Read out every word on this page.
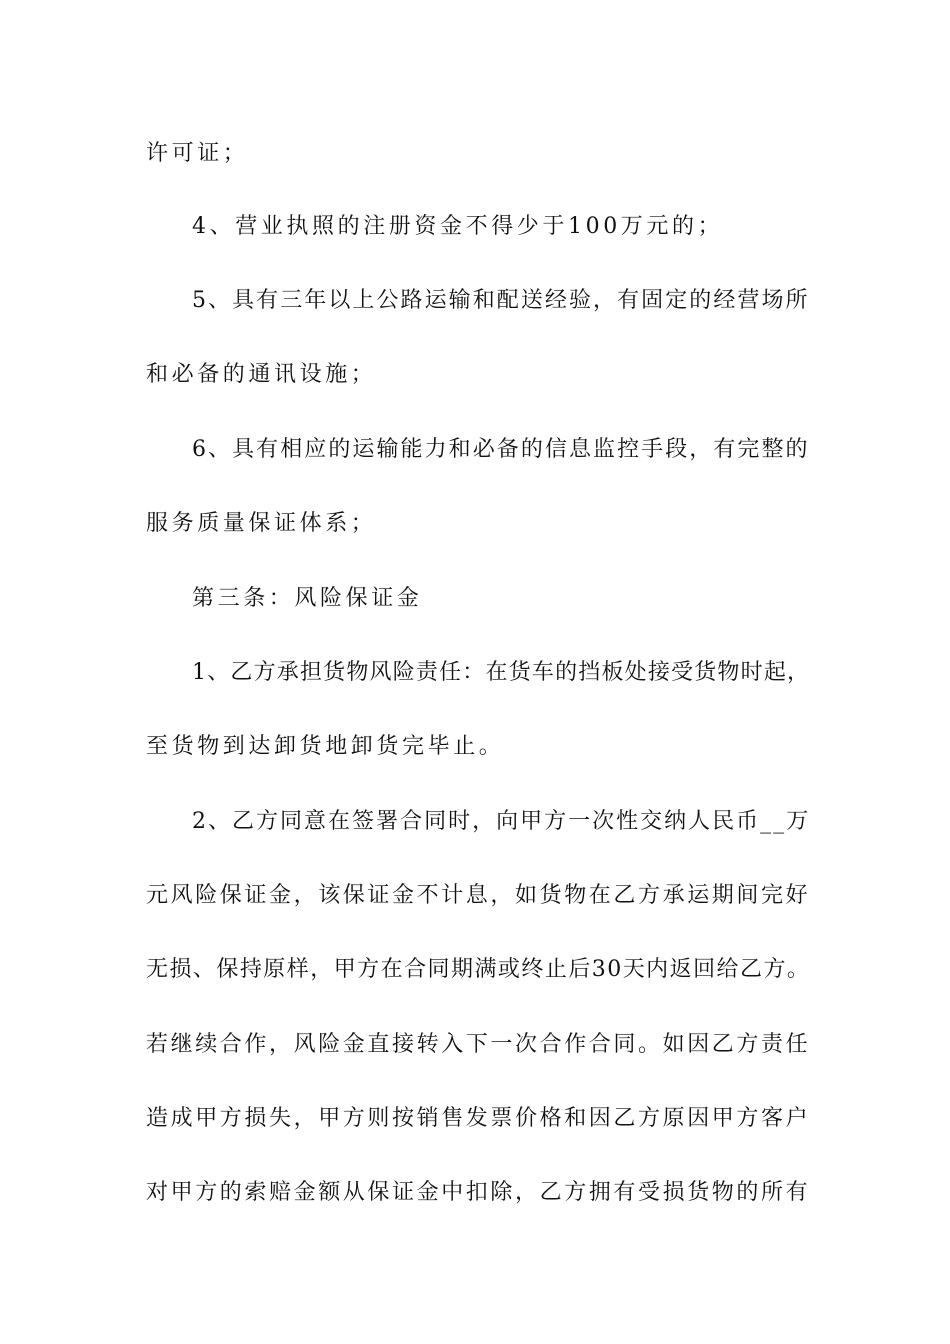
许可证；
4、营业执照的注册资金不得少于100万元的；
5、具有三年以上公路运输和配送经验，有固定的经营场所
和必备的通讯设施；
6、具有相应的运输能力和必备的信息监控手段，有完整的
服务质量保证体系；
第三条：风险保证金
1、乙方承担货物风险责任：在货车的挡板处接受货物时起，
至货物到达卸货地卸货完毕止。
2、乙方同意在签署合同时，向甲方一次性交纳人民币__万
元风险保证金，该保证金不计息，如货物在乙方承运期间完好
无损、保持原样，甲方在合同期满或终止后30天内返回给乙方。
若继续合作，风险金直接转入下一次合作合同。如因乙方责任
造成甲方损失，甲方则按销售发票价格和因乙方原因甲方客户
对甲方的索赔金额从保证金中扣除，乙方拥有受损货物的所有
